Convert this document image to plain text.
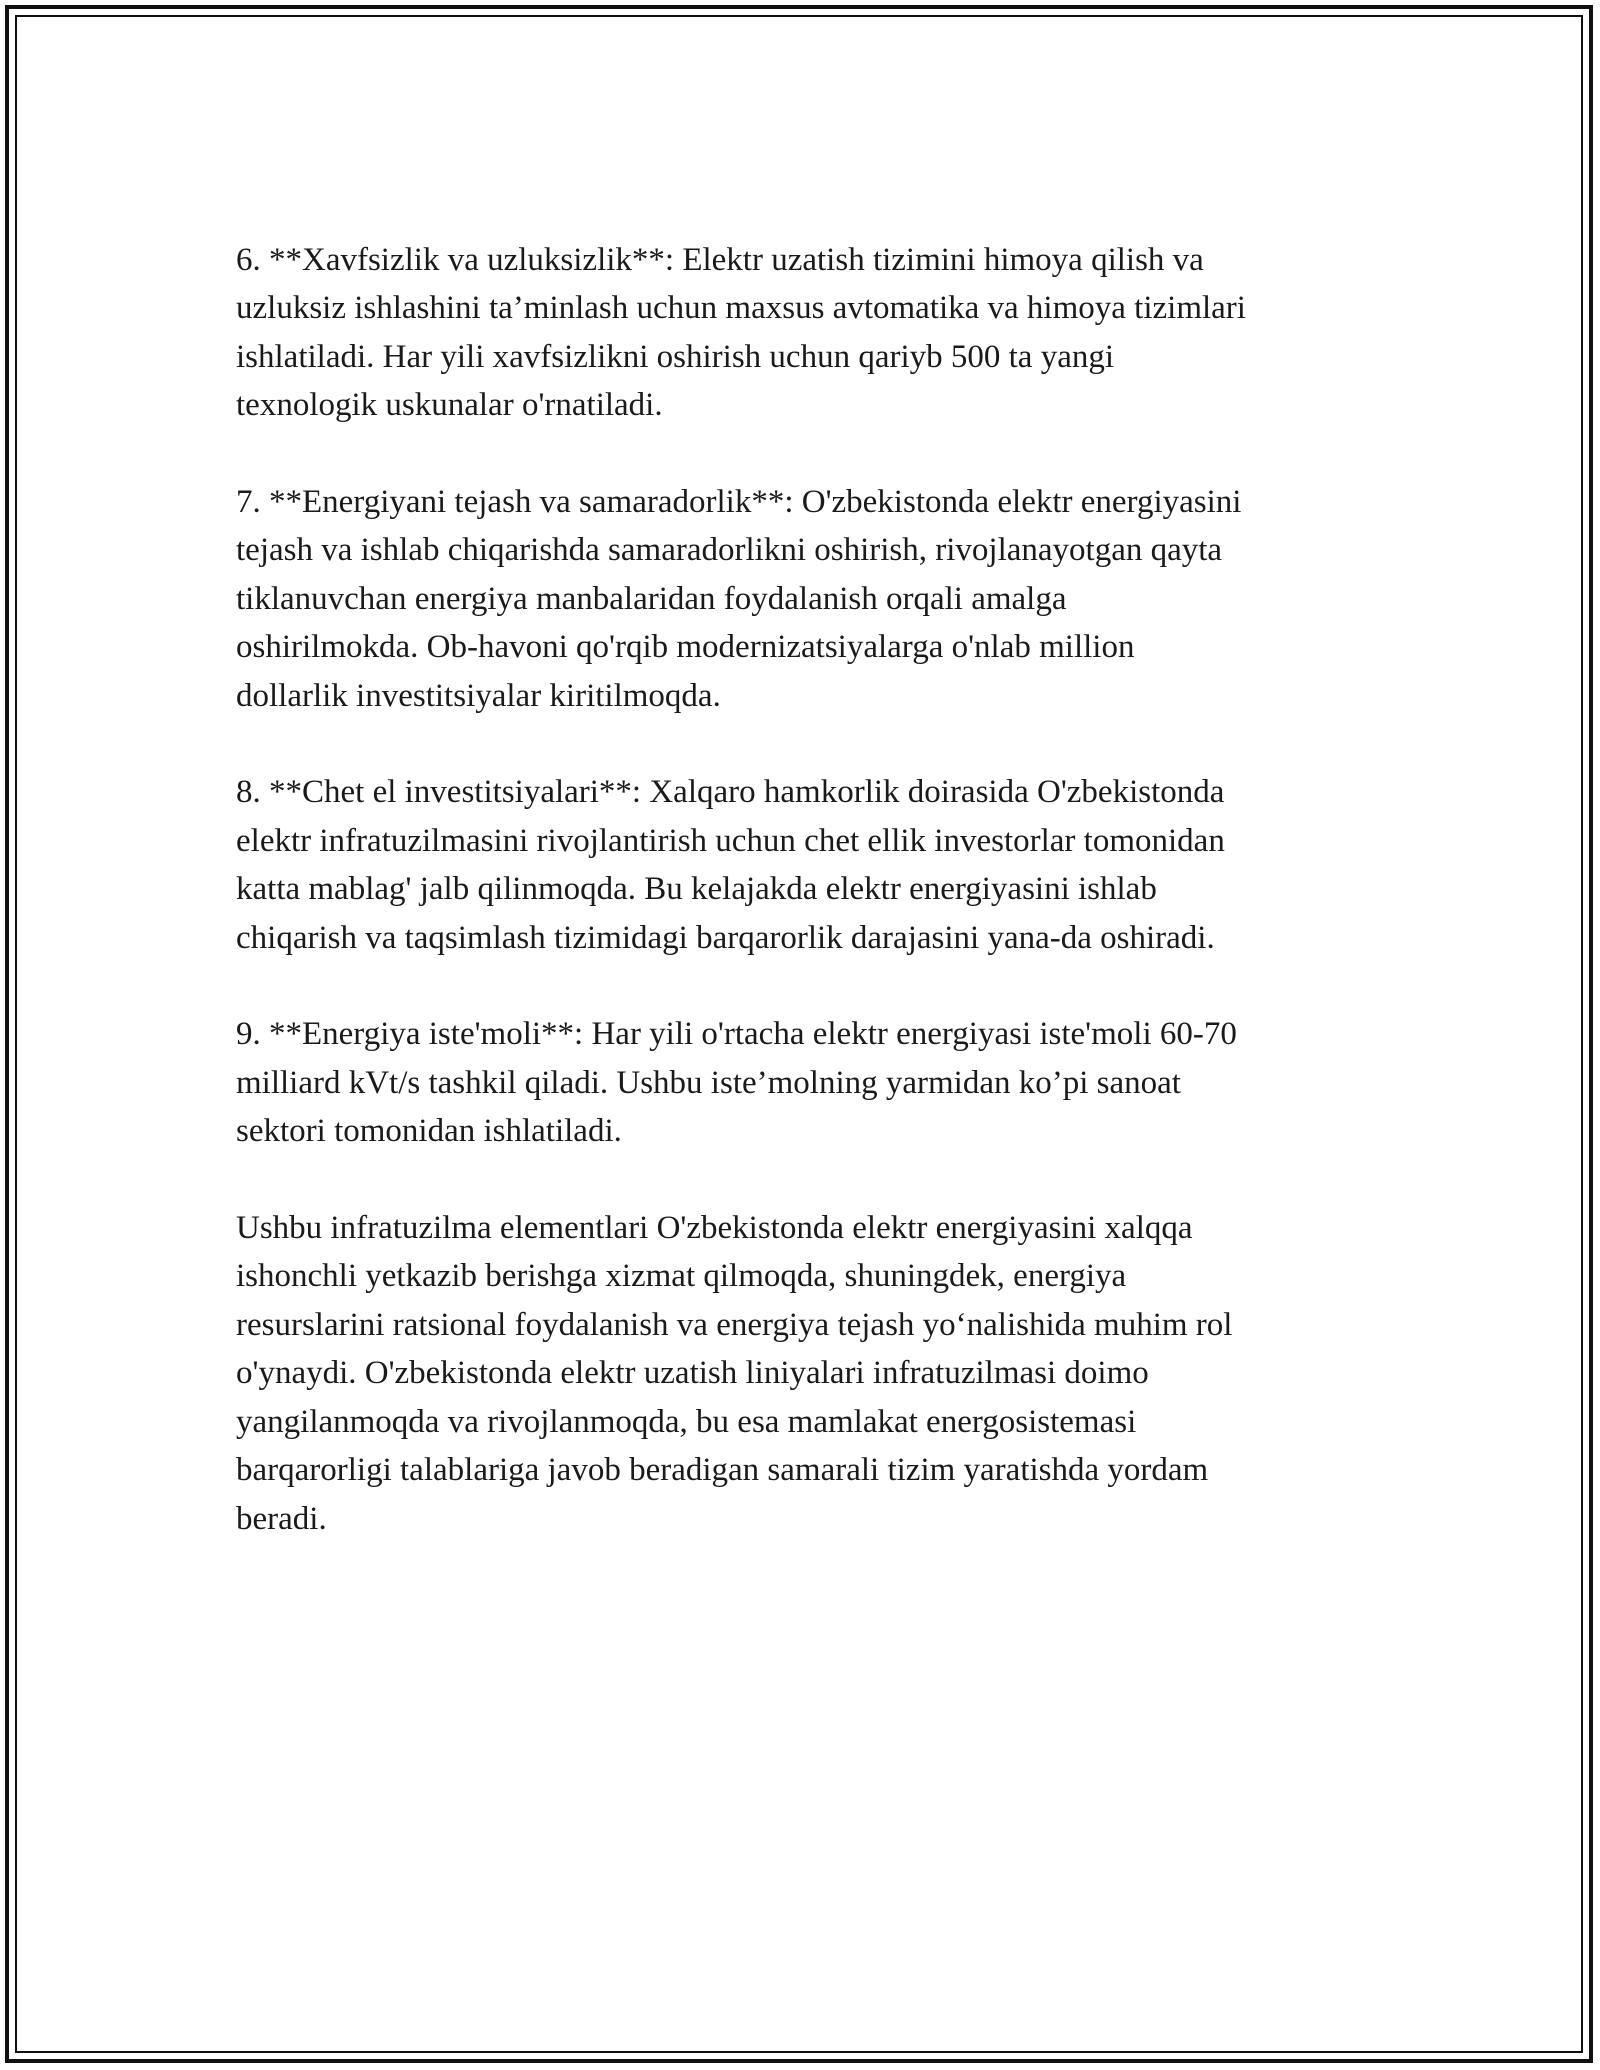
6. **Xavfsizlik va uzluksizlik**: Elektr uzatish tizimini himoya qilish va
uzluksiz ishlashini ta’minlash uchun maxsus avtomatika va himoya tizimlari
ishlatiladi. Har yili xavfsizlikni oshirish uchun qariyb 500 ta yangi
texnologik uskunalar o'rnatiladi.

7. **Energiyani tejash va samaradorlik**: O'zbekistonda elektr energiyasini
tejash va ishlab chiqarishda samaradorlikni oshirish, rivojlanayotgan qayta
tiklanuvchan energiya manbalaridan foydalanish orqali amalga
oshirilmokda. Ob-havoni qo'rqib modernizatsiyalarga o'nlab million
dollarlik investitsiyalar kiritilmoqda.

8. **Chet el investitsiyalari**: Xalqaro hamkorlik doirasida O'zbekistonda
elektr infratuzilmasini rivojlantirish uchun chet ellik investorlar tomonidan
katta mablag' jalb qilinmoqda. Bu kelajakda elektr energiyasini ishlab
chiqarish va taqsimlash tizimidagi barqarorlik darajasini yana-da oshiradi.

9. **Energiya iste'moli**: Har yili o'rtacha elektr energiyasi iste'moli 60-70
milliard kVt/s tashkil qiladi. Ushbu iste’molning yarmidan ko’pi sanoat
sektori tomonidan ishlatiladi.

Ushbu infratuzilma elementlari O'zbekistonda elektr energiyasini xalqqa
ishonchli yetkazib berishga xizmat qilmoqda, shuningdek, energiya
resurslarini ratsional foydalanish va energiya tejash yo‘nalishida muhim rol
o'ynaydi. O'zbekistonda elektr uzatish liniyalari infratuzilmasi doimo
yangilanmoqda va rivojlanmoqda, bu esa mamlakat energosistemasi
barqarorligi talablariga javob beradigan samarali tizim yaratishda yordam
beradi.
